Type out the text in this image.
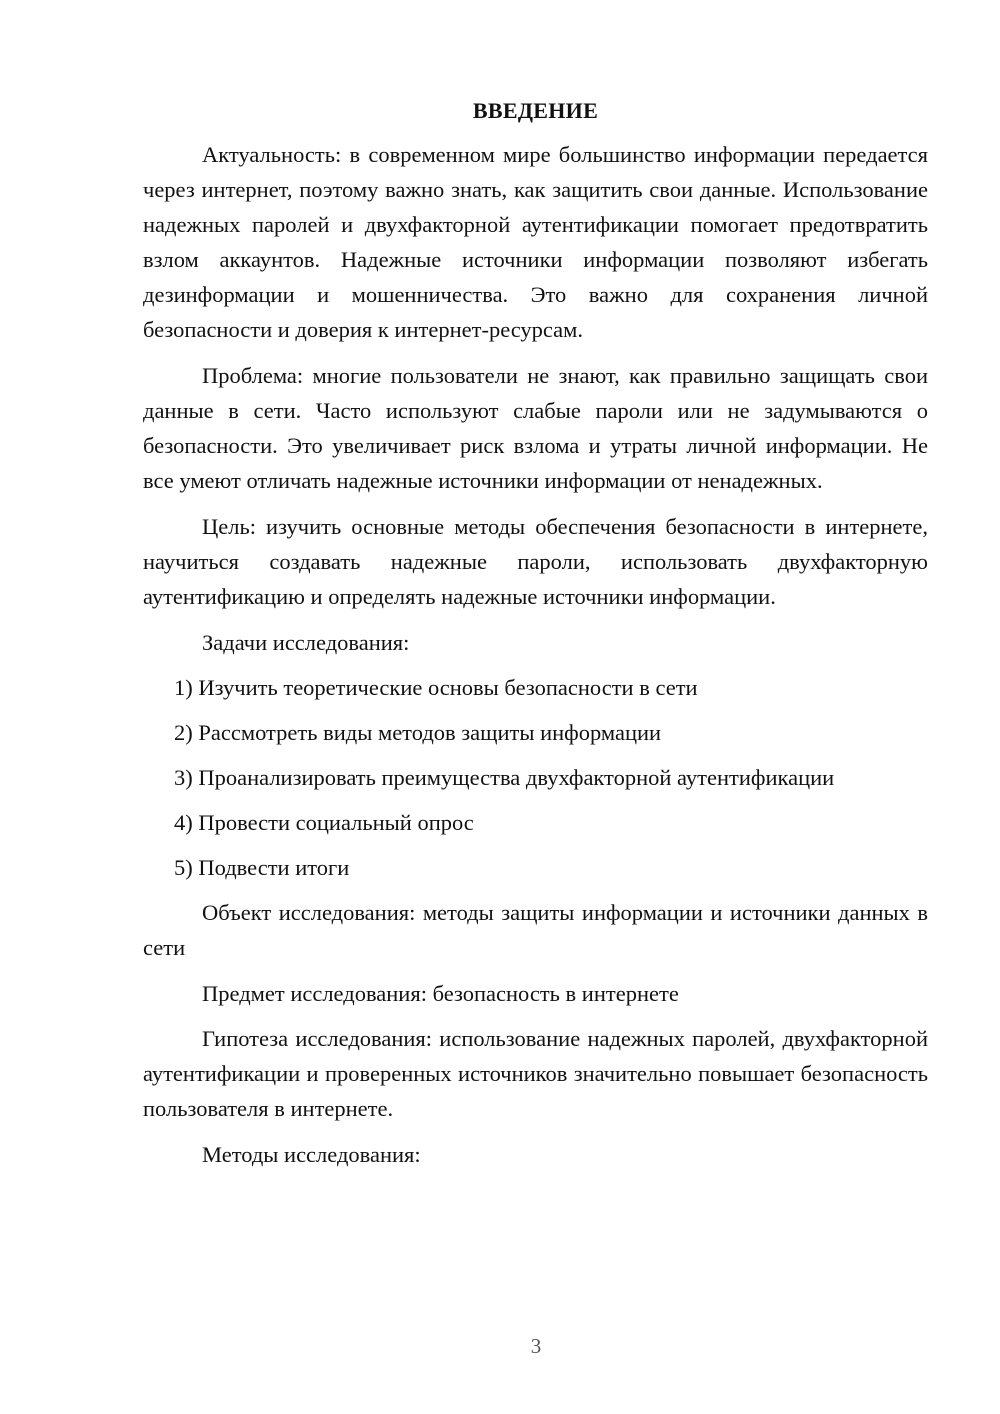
ВВЕДЕНИЕ

Актуальность: в современном мире большинство информации передается через интернет, поэтому важно знать, как защитить свои данные. Использование надежных паролей и двухфакторной аутентификации помогает предотвратить взлом аккаунтов. Надежные источники информации позволяют избегать дезинформации и мошенничества. Это важно для сохранения личной безопасности и доверия к интернет-ресурсам.

Проблема: многие пользователи не знают, как правильно защищать свои данные в сети. Часто используют слабые пароли или не задумываются о безопасности. Это увеличивает риск взлома и утраты личной информации. Не все умеют отличать надежные источники информации от ненадежных.

Цель: изучить основные методы обеспечения безопасности в интернете, научиться создавать надежные пароли, использовать двухфакторную аутентификацию и определять надежные источники информации.

Задачи исследования:

1) Изучить теоретические основы безопасности в сети
2) Рассмотреть виды методов защиты информации
3) Проанализировать преимущества двухфакторной аутентификации
4) Провести социальный опрос
5) Подвести итоги

Объект исследования: методы защиты информации и источники данных в сети

Предмет исследования: безопасность в интернете

Гипотеза исследования: использование надежных паролей, двухфакторной аутентификации и проверенных источников значительно повышает безопасность пользователя в интернете.

Методы исследования:

3
